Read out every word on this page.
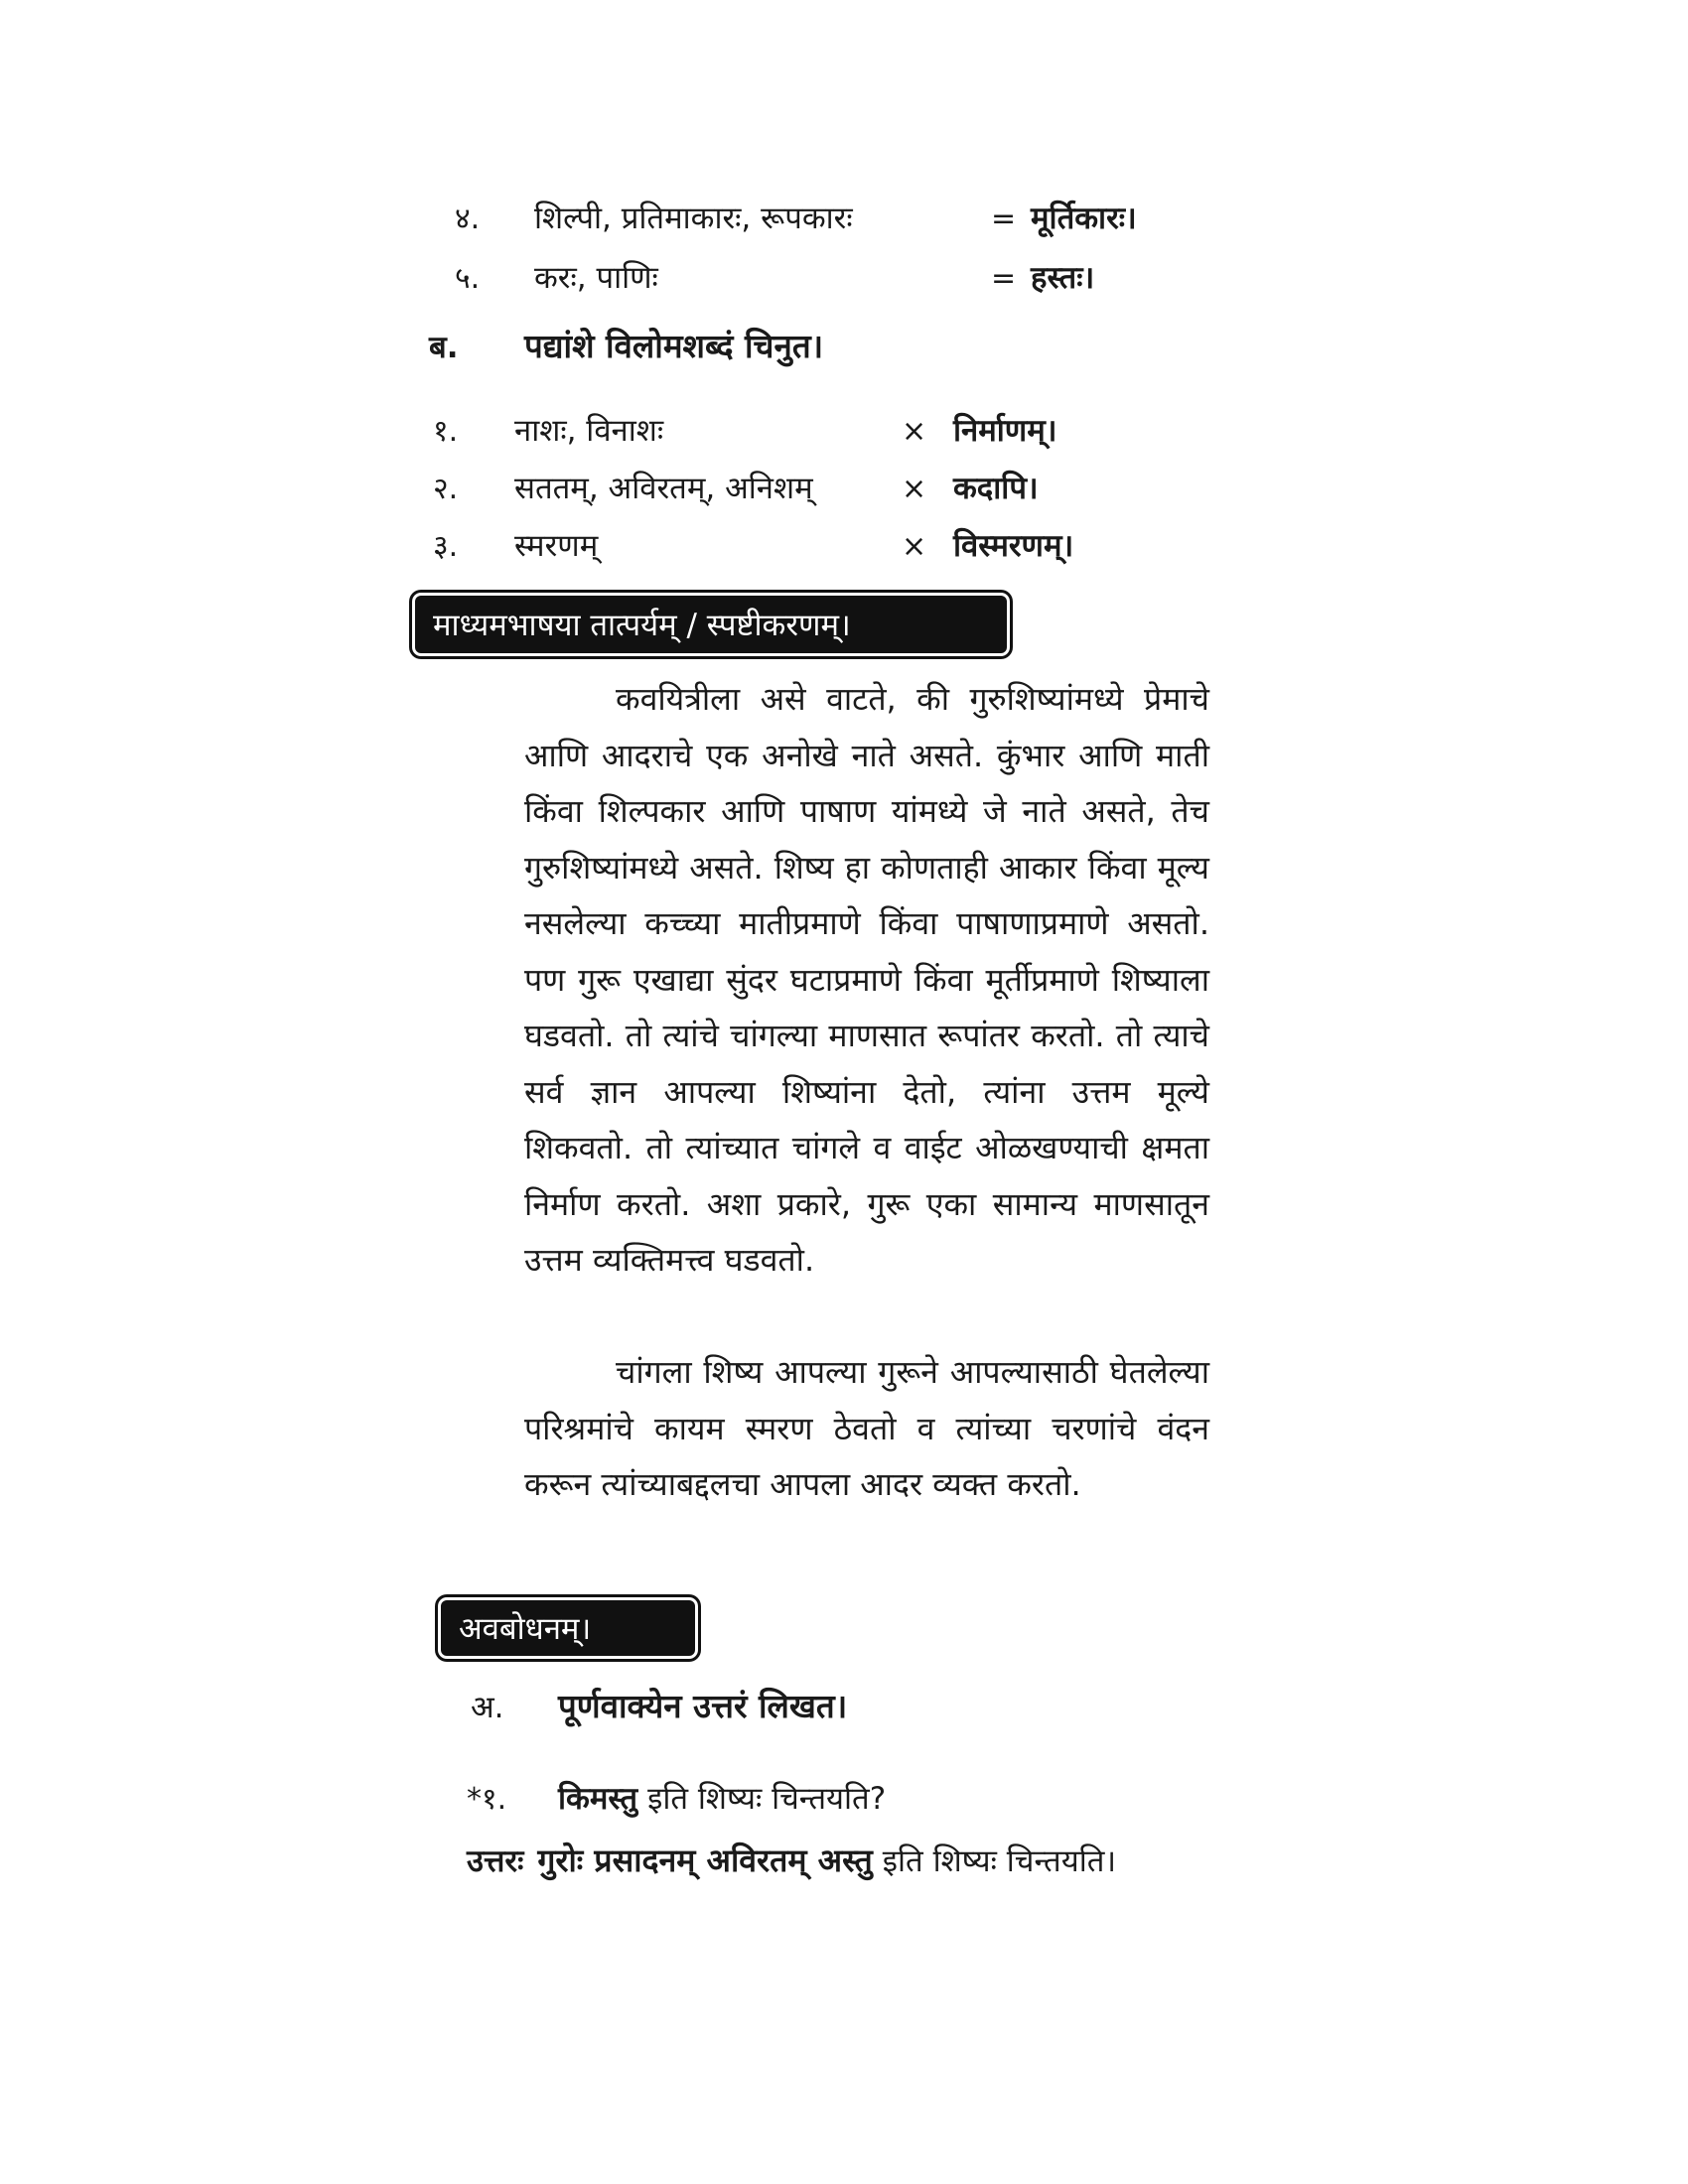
४.	शिल्पी, प्रतिमाकारः, रूपकारः	= मूर्तिकारः।
५.	करः, पाणिः	= हस्तः।
ब.	पद्यांशे विलोमशब्दं चिनुत।
१.	नाशः, विनाशः	× निर्माणम्।
२.	सततम्, अविरतम्, अनिशम्	× कदापि।
३.	स्मरणम्	× विस्मरणम्।
माध्यमभाषया तात्पर्यम् / स्पष्टीकरणम्।

कवयित्रीला असे वाटते, की गुरुशिष्यांमध्ये प्रेमाचे आणि आदराचे एक अनोखे नाते असते. कुंभार आणि माती किंवा शिल्पकार आणि पाषाण यांमध्ये जे नाते असते, तेच गुरुशिष्यांमध्ये असते. शिष्य हा कोणताही आकार किंवा मूल्य नसलेल्या कच्च्या मातीप्रमाणे किंवा पाषाणाप्रमाणे असतो. पण गुरू एखाद्या सुंदर घटाप्रमाणे किंवा मूर्तीप्रमाणे शिष्याला घडवतो. तो त्यांचे चांगल्या माणसात रूपांतर करतो. तो त्याचे सर्व ज्ञान आपल्या शिष्यांना देतो, त्यांना उत्तम मूल्ये शिकवतो. तो त्यांच्यात चांगले व वाईट ओळखण्याची क्षमता निर्माण करतो. अशा प्रकारे, गुरू एका सामान्य माणसातून उत्तम व्यक्तिमत्त्व घडवतो.

चांगला शिष्य आपल्या गुरूने आपल्यासाठी घेतलेल्या परिश्रमांचे कायम स्मरण ठेवतो व त्यांच्या चरणांचे वंदन करून त्यांच्याबद्दलचा आपला आदर व्यक्त करतो.

अवबोधनम्।
अ.	पूर्णवाक्येन उत्तरं लिखत।
*१.	किमस्तु इति शिष्यः चिन्तयति?
उत्तरः गुरोः प्रसादनम् अविरतम् अस्तु इति शिष्यः चिन्तयति।
